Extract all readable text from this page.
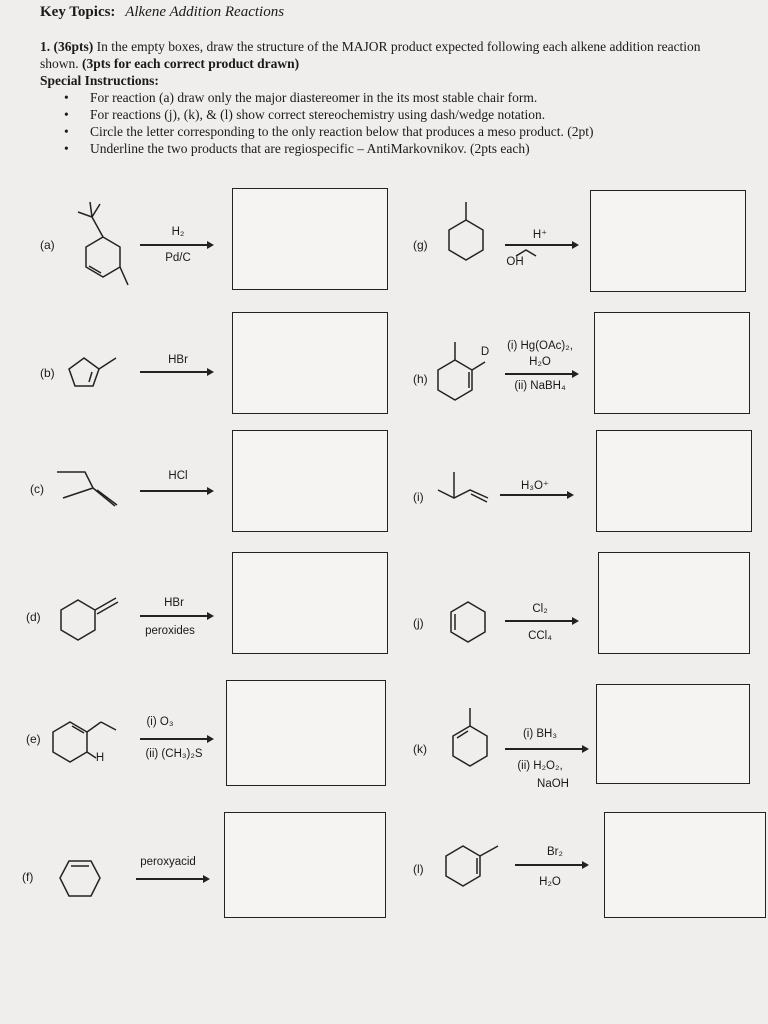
Key Topics: Alkene Addition Reactions
1. (36pts) In the empty boxes, draw the structure of the MAJOR product expected following each alkene addition reaction shown. (3pts for each correct product drawn)
Special Instructions:
• For reaction (a) draw only the major diastereomer in the its most stable chair form.
• For reactions (j), (k), & (l) show correct stereochemistry using dash/wedge notation.
• Circle the letter corresponding to the only reaction below that produces a meso product. (2pt)
• Underline the two products that are regiospecific – AntiMarkovnikov. (2pts each)
(a)
H₂
Pd/C
(g)
OH
H⁺
(b)
HBr
(h)
D	(i) Hg(OAc)₂,
H₂O
(ii) NaBH₄
(c)
HCl
(i)
H₃O⁺
(d)
HBr
peroxides
(j)
Cl₂
CCl₄
(e)
H
(i) O₃
(ii) (CH₃)₂S	(k)
(i) BH₃
(ii) H₂O₂,
NaOH
(f)
peroxyacid	(l)
Br₂
H₂O
